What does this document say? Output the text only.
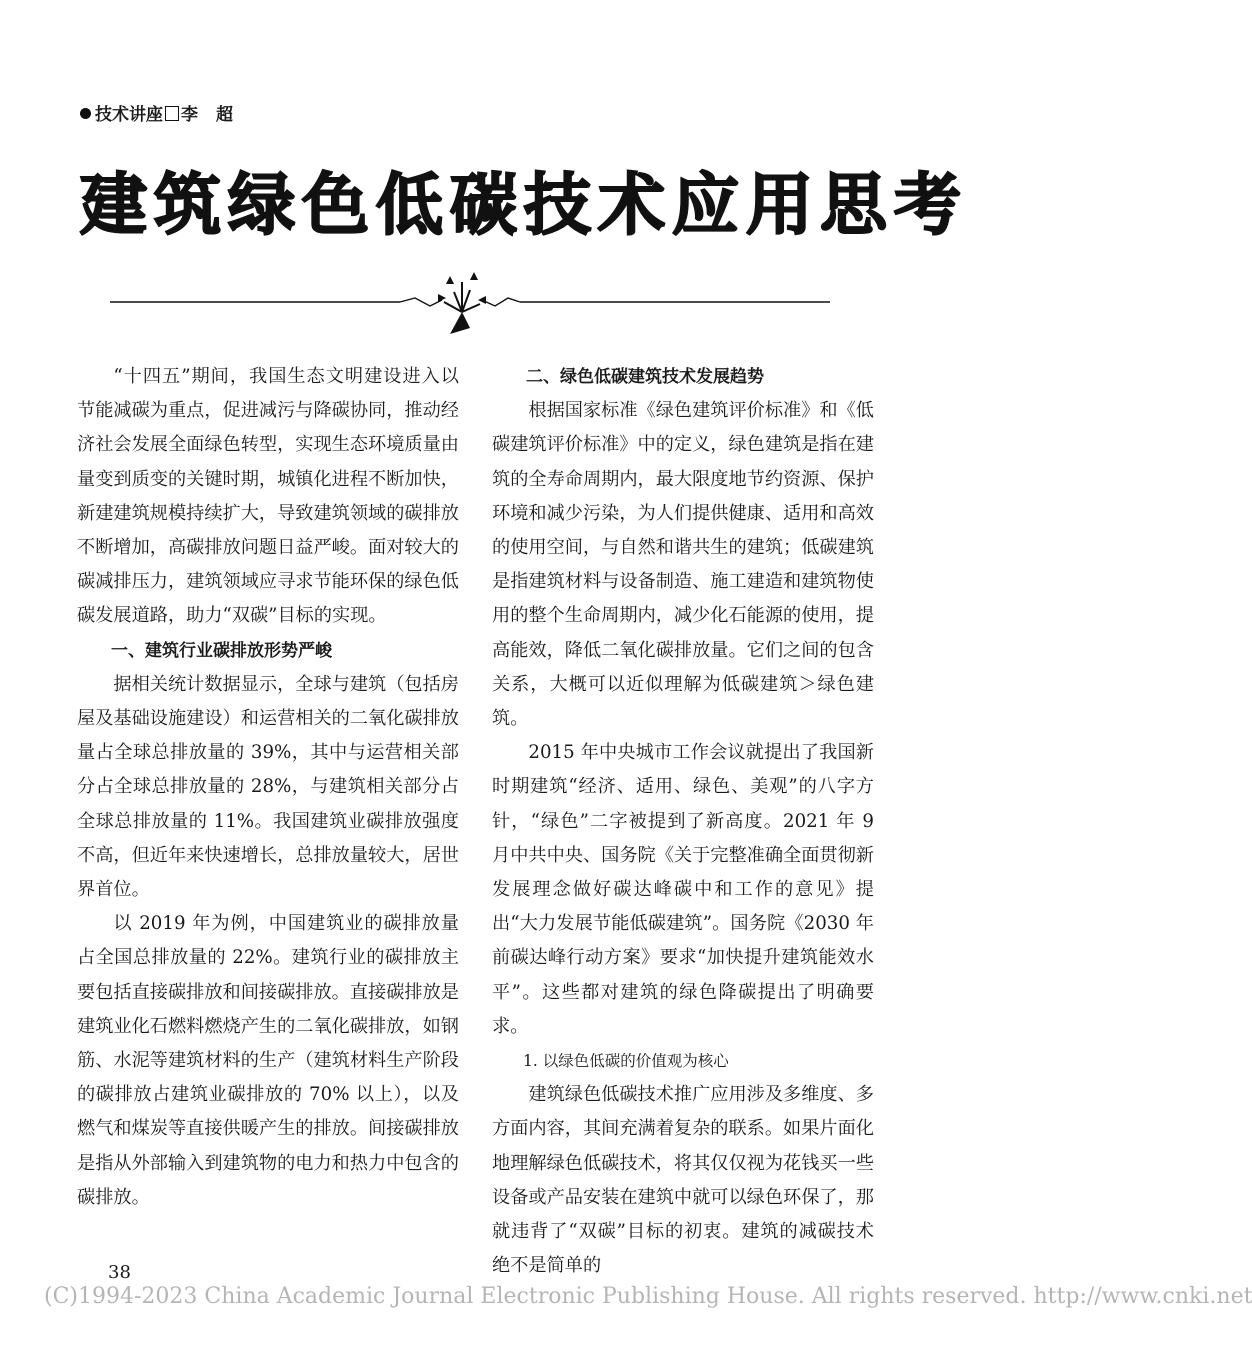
技术讲座 李 超
建筑绿色低碳技术应用思考

“十四五”期间，我国生态文明建设进入以节能减碳为重点，促进减污与降碳协同，推动经济社会发展全面绿色转型，实现生态环境质量由量变到质变的关键时期，城镇化进程不断加快，新建建筑规模持续扩大，导致建筑领域的碳排放不断增加，高碳排放问题日益严峻。面对较大的碳减排压力，建筑领域应寻求节能环保的绿色低碳发展道路，助力“双碳”目标的实现。

一、建筑行业碳排放形势严峻

据相关统计数据显示，全球与建筑（包括房屋及基础设施建设）和运营相关的二氧化碳排放量占全球总排放量的 39%，其中与运营相关部分占全球总排放量的 28%，与建筑相关部分占全球总排放量的 11%。我国建筑业碳排放强度不高，但近年来快速增长，总排放量较大，居世界首位。

以 2019 年为例，中国建筑业的碳排放量占全国总排放量的 22%。建筑行业的碳排放主要包括直接碳排放和间接碳排放。直接碳排放是建筑业化石燃料燃烧产生的二氧化碳排放，如钢筋、水泥等建筑材料的生产（建筑材料生产阶段的碳排放占建筑业碳排放的 70% 以上），以及燃气和煤炭等直接供暖产生的排放。间接碳排放是指从外部输入到建筑物的电力和热力中包含的碳排放。

二、绿色低碳建筑技术发展趋势

根据国家标准《绿色建筑评价标准》和《低碳建筑评价标准》中的定义，绿色建筑是指在建筑的全寿命周期内，最大限度地节约资源、保护环境和减少污染，为人们提供健康、适用和高效的使用空间，与自然和谐共生的建筑；低碳建筑是指建筑材料与设备制造、施工建造和建筑物使用的整个生命周期内，减少化石能源的使用，提高能效，降低二氧化碳排放量。它们之间的包含关系，大概可以近似理解为低碳建筑＞绿色建筑。

2015 年中央城市工作会议就提出了我国新时期建筑“经济、适用、绿色、美观”的八字方针，“绿色”二字被提到了新高度。2021 年 9 月中共中央、国务院《关于完整准确全面贯彻新发展理念做好碳达峰碳中和工作的意见》提出“大力发展节能低碳建筑”。国务院《2030 年前碳达峰行动方案》要求“加快提升建筑能效水平”。这些都对建筑的绿色降碳提出了明确要求。

1. 以绿色低碳的价值观为核心

建筑绿色低碳技术推广应用涉及多维度、多方面内容，其间充满着复杂的联系。如果片面化地理解绿色低碳技术，将其仅仅视为花钱买一些设备或产品安装在建筑中就可以绿色环保了，那就违背了“双碳”目标的初衷。建筑的减碳技术绝不是简单的

38
(C)1994-2023 China Academic Journal Electronic Publishing House. All rights reserved. http://www.cnki.net
